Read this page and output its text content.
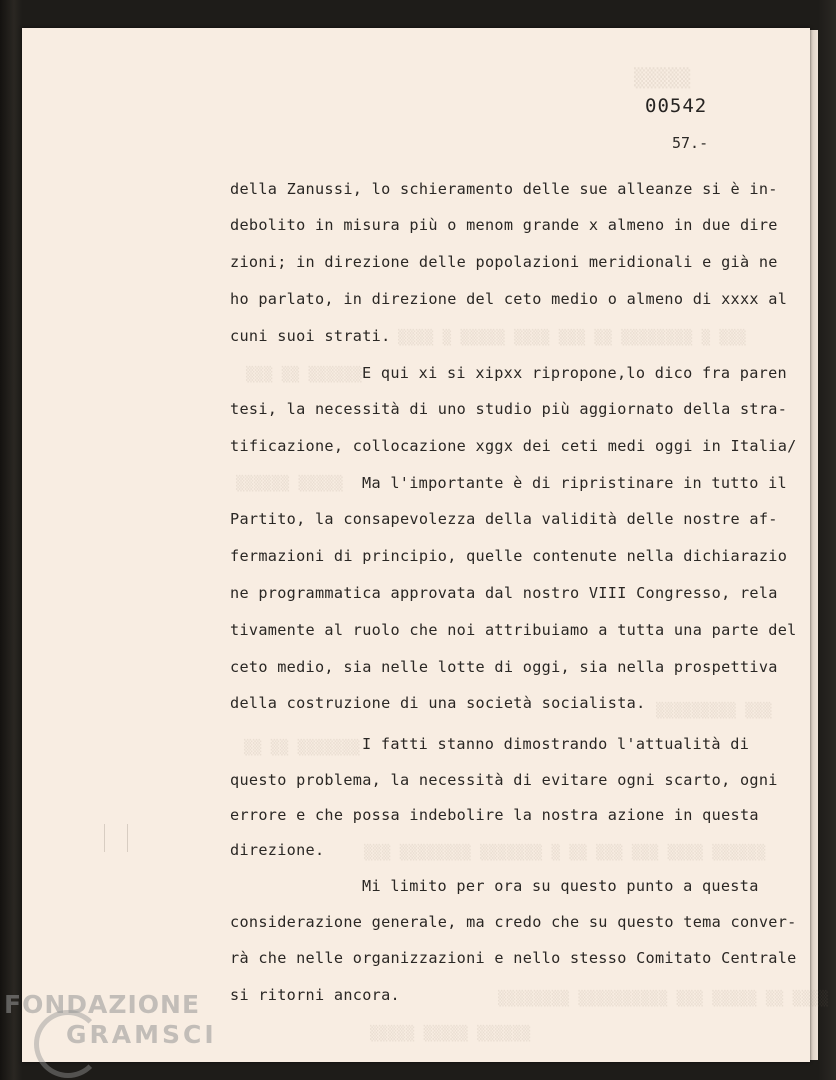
▒▒▒▒▒
▒▒▒▒ ▒ ▒▒▒▒▒ ▒▒▒▒ ▒▒▒ ▒▒ ▒▒▒▒▒▒▒▒ ▒ ▒▒▒
▒▒▒ ▒▒ ▒▒▒▒▒▒
▒▒▒▒▒▒ ▒▒▒▒▒
▒▒▒▒▒▒▒▒▒ ▒▒▒
▒▒ ▒▒ ▒▒▒▒▒▒▒
▒▒▒ ▒▒▒▒▒▒▒▒ ▒▒▒▒▒▒▒ ▒ ▒▒ ▒▒▒ ▒▒▒ ▒▒▒▒ ▒▒▒▒▒▒
▒▒▒▒▒▒▒▒ ▒▒▒▒▒▒▒▒▒▒ ▒▒▒ ▒▒▒▒▒ ▒▒ ▒▒▒▒
▒▒▒▒▒ ▒▒▒▒▒ ▒▒▒▒▒▒
00542
57.-
della Zanussi, lo schieramento delle sue alleanze si è in-
debolito in misura più o menom grande x almeno in due dire
zioni; in direzione delle popolazioni meridionali e già ne
ho parlato, in direzione del ceto medio o almeno di xxxx al
cuni suoi strati.
E qui xi si xipxx ripropone,lo dico fra paren
tesi, la necessità di uno studio più aggiornato della stra-
tificazione, collocazione xggx dei ceti medi oggi in Italia/
Ma l'importante è di ripristinare in tutto il
Partito, la consapevolezza della validità delle nostre af-
fermazioni di principio, quelle contenute nella dichiarazio
ne programmatica approvata dal nostro VIII Congresso, rela
tivamente al ruolo che noi attribuiamo a tutta una parte del
ceto medio, sia nelle lotte di oggi, sia nella prospettiva
della costruzione di una società socialista.
I fatti stanno dimostrando l'attualità di
questo problema, la necessità di evitare ogni scarto, ogni
errore e che possa indebolire la nostra azione in questa
direzione.
Mi limito per ora su questo punto a questa
considerazione generale, ma credo che su questo tema conver-
rà che nelle organizzazioni e nello stesso Comitato Centrale
si ritorni ancora.
FONDAZIONE
GRAMSCI
